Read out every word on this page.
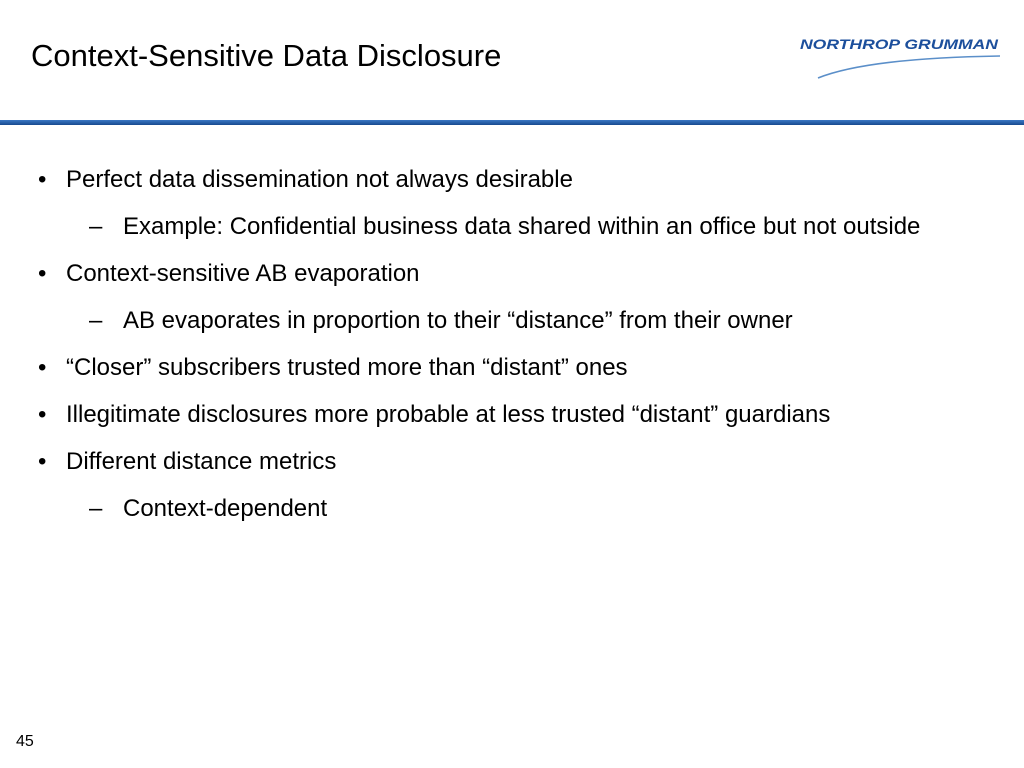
Context-Sensitive Data Disclosure	NORTHROP GRUMMAN
• Perfect data dissemination not always desirable
– Example: Confidential business data shared within an office but not outside
• Context-sensitive AB evaporation
– AB evaporates in proportion to their “distance” from their owner
• “Closer” subscribers trusted more than “distant” ones
• Illegitimate disclosures more probable at less trusted “distant” guardians
• Different distance metrics
– Context-dependent
45
